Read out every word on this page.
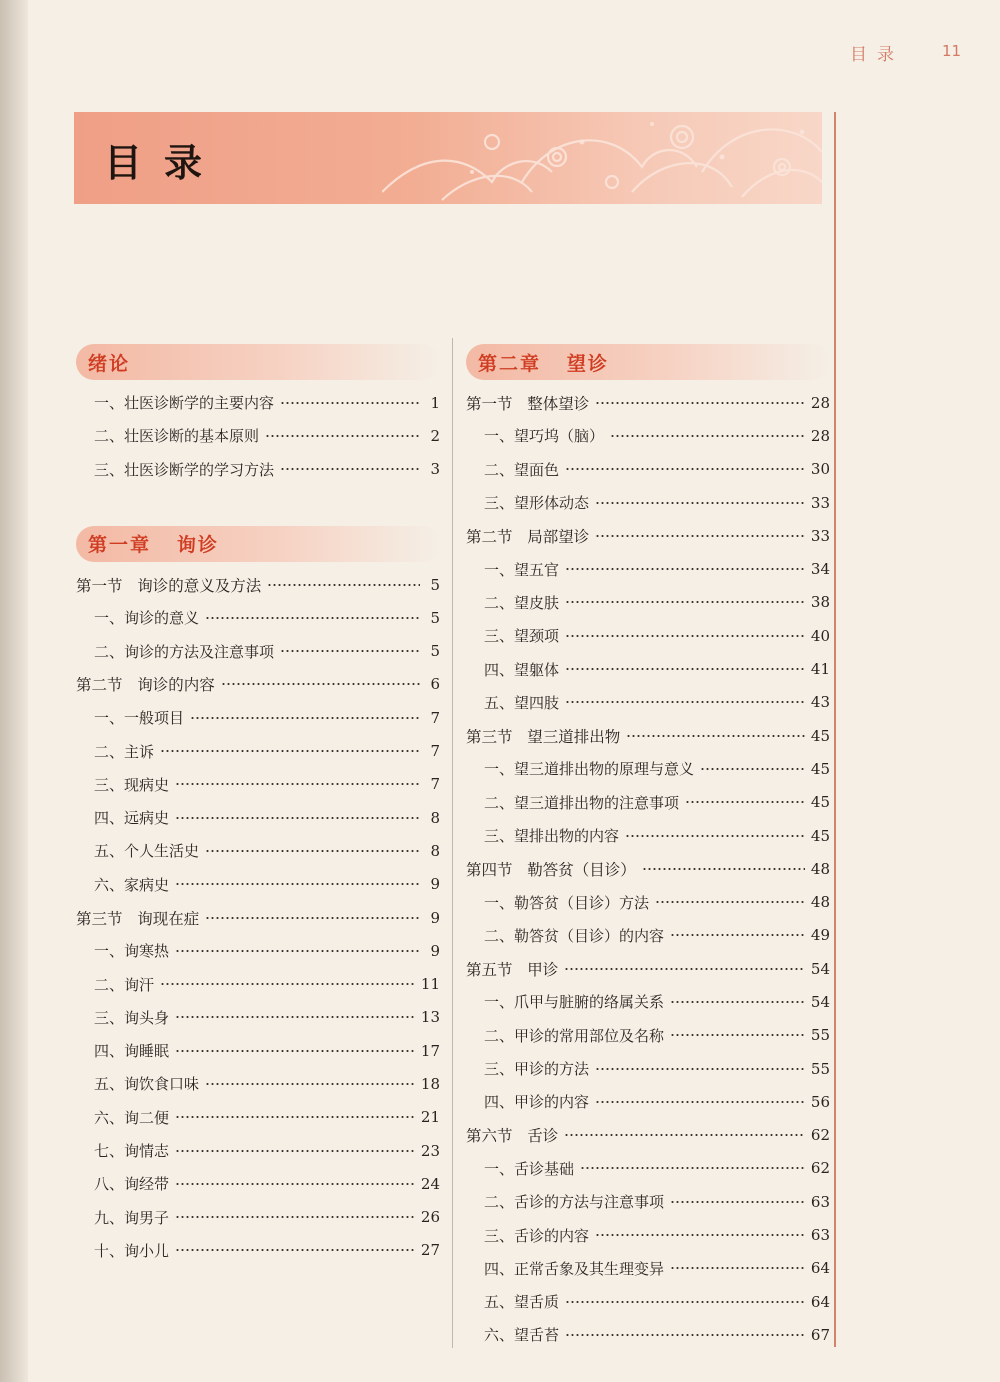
目录	11
目录
绪论
一、壮医诊断学的主要内容	1
二、壮医诊断的基本原则	2
三、壮医诊断学的学习方法	3
第一章   询诊
第一节   询诊的意义及方法	5
一、询诊的意义	5
二、询诊的方法及注意事项	5
第二节   询诊的内容	6
一、一般项目	7
二、主诉	7
三、现病史	7
四、远病史	8
五、个人生活史	8
六、家病史	9
第三节   询现在症	9
一、询寒热	9
二、询汗	11
三、询头身	13
四、询睡眠	17
五、询饮食口味	18
六、询二便	21
七、询情志	23
八、询经带	24
九、询男子	26
十、询小儿	27
第二章   望诊
第一节   整体望诊	28
一、望巧坞（脑）	28
二、望面色	30
三、望形体动态	33
第二节   局部望诊	33
一、望五官	34
二、望皮肤	38
三、望颈项	40
四、望躯体	41
五、望四肢	43
第三节   望三道排出物	45
一、望三道排出物的原理与意义	45
二、望三道排出物的注意事项	45
三、望排出物的内容	45
第四节   勒答贫（目诊）	48
一、勒答贫（目诊）方法	48
二、勒答贫（目诊）的内容	49
第五节   甲诊	54
一、爪甲与脏腑的络属关系	54
二、甲诊的常用部位及名称	55
三、甲诊的方法	55
四、甲诊的内容	56
第六节   舌诊	62
一、舌诊基础	62
二、舌诊的方法与注意事项	63
三、舌诊的内容	63
四、正常舌象及其生理变异	64
五、望舌质	64
六、望舌苔	67
